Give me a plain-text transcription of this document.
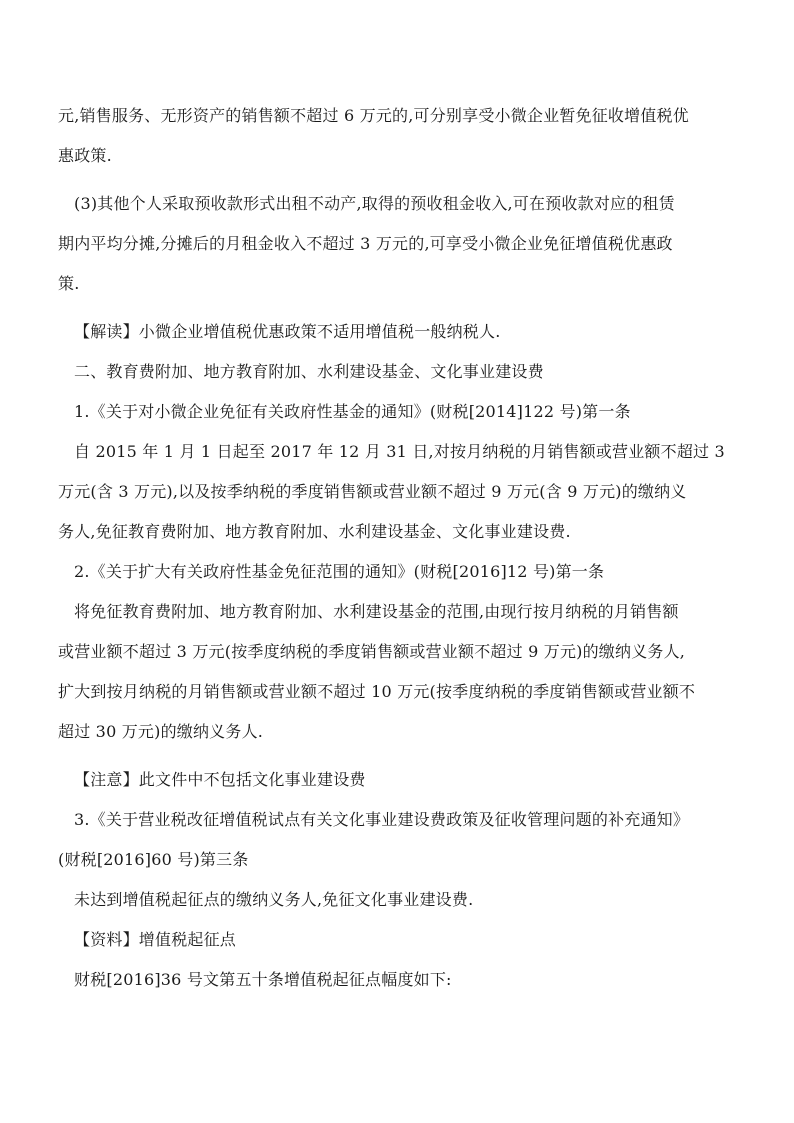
元,销售服务、无形资产的销售额不超过 6 万元的,可分别享受小微企业暂免征收增值税优
惠政策.
(3)其他个人采取预收款形式出租不动产,取得的预收租金收入,可在预收款对应的租赁
期内平均分摊,分摊后的月租金收入不超过 3 万元的,可享受小微企业免征增值税优惠政
策.
【解读】小微企业增值税优惠政策不适用增值税一般纳税人.
二、教育费附加、地方教育附加、水利建设基金、文化事业建设费
1.《关于对小微企业免征有关政府性基金的通知》(财税[2014]122 号)第一条
自 2015 年 1 月 1 日起至 2017 年 12 月 31 日,对按月纳税的月销售额或营业额不超过 3
万元(含 3 万元),以及按季纳税的季度销售额或营业额不超过 9 万元(含 9 万元)的缴纳义
务人,免征教育费附加、地方教育附加、水利建设基金、文化事业建设费.
2.《关于扩大有关政府性基金免征范围的通知》(财税[2016]12 号)第一条
将免征教育费附加、地方教育附加、水利建设基金的范围,由现行按月纳税的月销售额
或营业额不超过 3 万元(按季度纳税的季度销售额或营业额不超过 9 万元)的缴纳义务人,
扩大到按月纳税的月销售额或营业额不超过 10 万元(按季度纳税的季度销售额或营业额不
超过 30 万元)的缴纳义务人.
【注意】此文件中不包括文化事业建设费
3.《关于营业税改征增值税试点有关文化事业建设费政策及征收管理问题的补充通知》
(财税[2016]60 号)第三条
未达到增值税起征点的缴纳义务人,免征文化事业建设费.
【资料】增值税起征点
财税[2016]36 号文第五十条增值税起征点幅度如下:
